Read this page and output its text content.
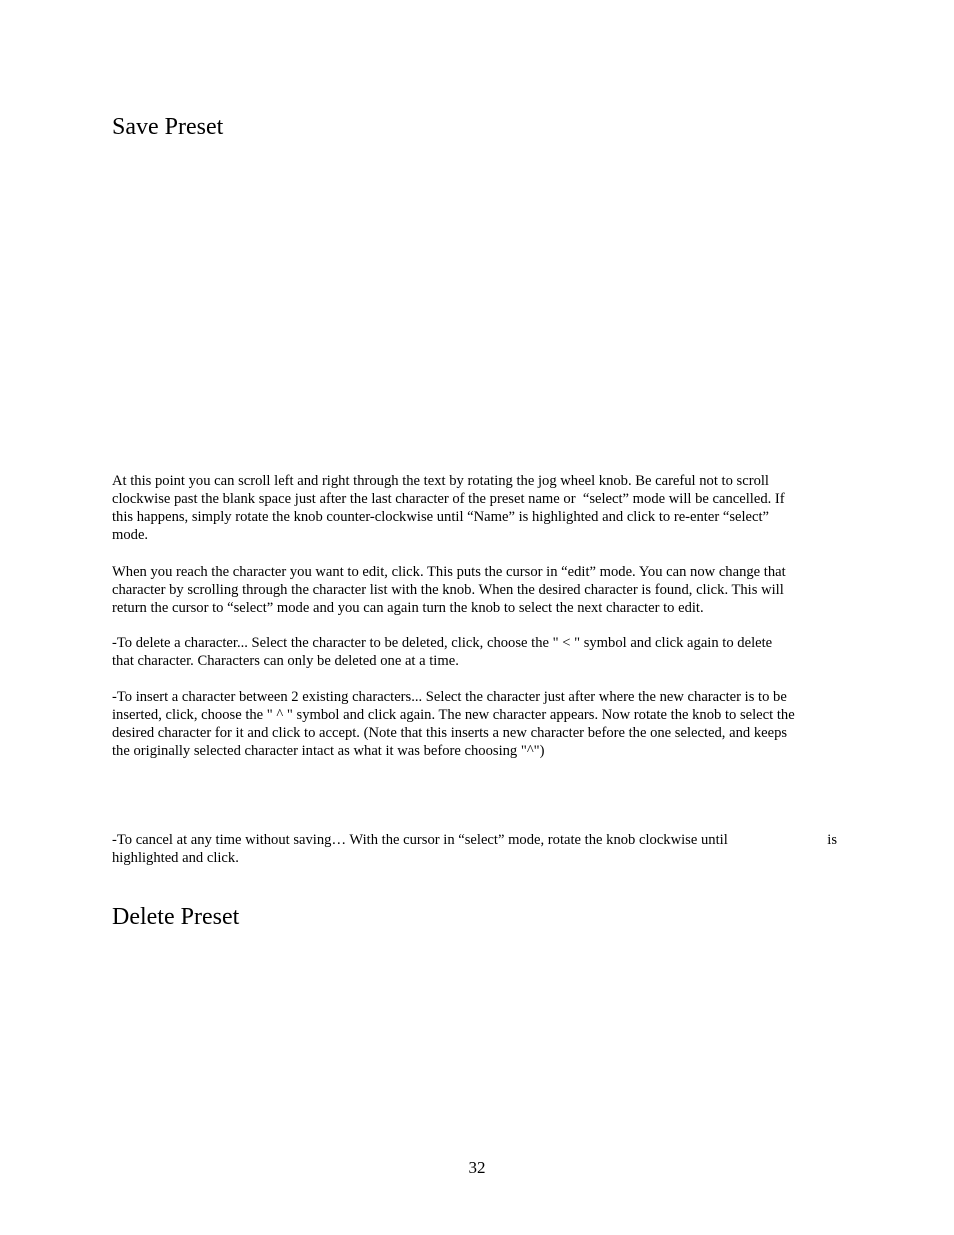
Save Preset
At this point you can scroll left and right through the text by rotating the jog wheel knob. Be careful not to scroll
clockwise past the blank space just after the last character of the preset name or  “select” mode will be cancelled. If
this happens, simply rotate the knob counter-clockwise until “Name” is highlighted and click to re-enter “select”
mode.
When you reach the character you want to edit, click. This puts the cursor in “edit” mode. You can now change that
character by scrolling through the character list with the knob. When the desired character is found, click. This will
return the cursor to “select” mode and you can again turn the knob to select the next character to edit.
-To delete a character... Select the character to be deleted, click, choose the " < " symbol and click again to delete
that character. Characters can only be deleted one at a time.
-To insert a character between 2 existing characters... Select the character just after where the new character is to be
inserted, click, choose the " ^ " symbol and click again. The new character appears. Now rotate the knob to select the
desired character for it and click to accept. (Note that this inserts a new character before the one selected, and keeps
the originally selected character intact as what it was before choosing "^")
-To cancel at any time without saving… With the cursor in “select” mode, rotate the knob clockwise until	is
highlighted and click.
Delete Preset
32
